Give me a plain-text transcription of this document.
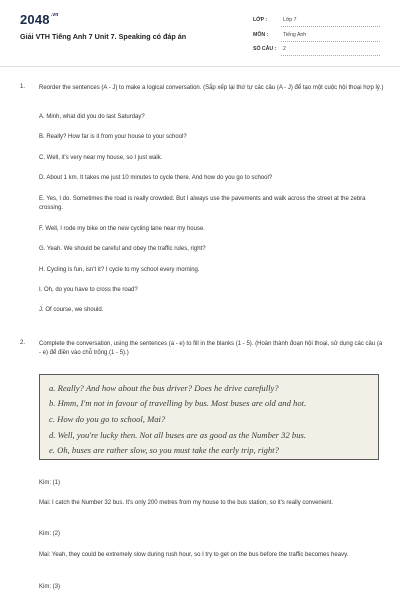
$2048^{.vn}$
Giải VTH Tiếng Anh 7 Unit 7. Speaking có đáp án
LỚP :	Lớp 7
MÔN :	Tiếng Anh
SỐ CÂU : 2
1. Reorder the sentences (A - J) to make a logical conversation. (Sắp xếp lại thứ tự các câu (A - J) để tạo một cuộc hội thoại hợp lý.)
A. Minh, what did you do last Saturday?
B. Really? How far is it from your house to your school?
C. Well, it's very near my house, so I just walk.
D. About 1 km. It takes me just 10 minutes to cycle there. And how do you go to school?
E. Yes, I do. Sometimes the road is really crowded. But I always use the pavements and walk across the street at the zebra crossing.
F. Well, I rode my bike on the new cycling lane near my house.
G. Yeah. We should be careful and obey the traffic rules, right?
H. Cycling is fun, isn't it? I cycle to my school every morning.
I. Oh, do you have to cross the road?
J. Of course, we should.
2. Complete the conversation, using the sentences (a - e) to fill in the blanks (1 - 5). (Hoàn thành đoạn hội thoại, sử dụng các câu (a - e) để điền vào chỗ trống (1 - 5).)
a. Really? And how about the bus driver? Does he drive carefully?
b. Hmm, I'm not in favour of travelling by bus. Most buses are old and hot.
c. How do you go to school, Mai?
d. Well, you're lucky then. Not all buses are as good as the Number 32 bus.
e. Oh, buses are rather slow, so you must take the early trip, right?
Kim: (1)
Mai: I catch the Number 32 bus. It's only 200 metres from my house to the bus station, so it's really convenient.
Kim: (2)
Mai: Yeah, they could be extremely slow during rush hour, so I try to get on the bus before the traffic becomes heavy.
Kim: (3)
